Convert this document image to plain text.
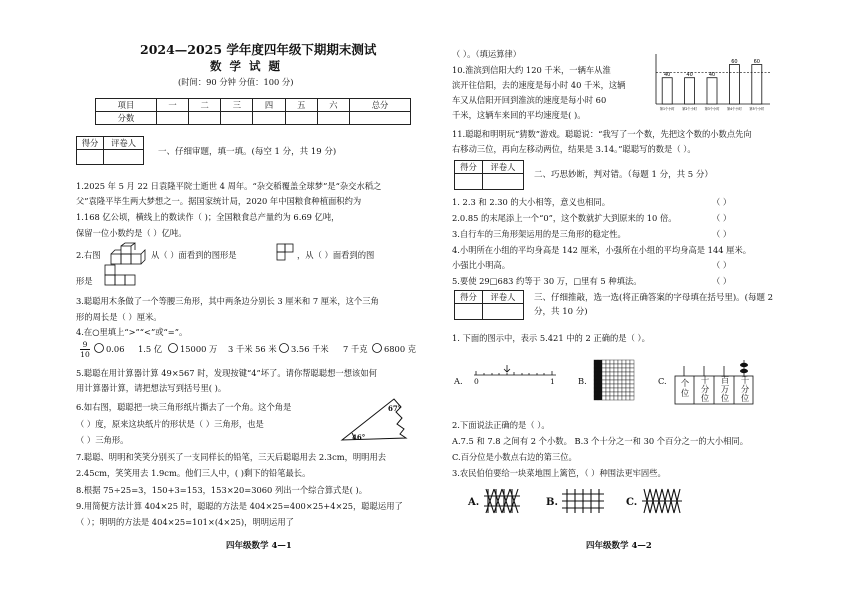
2024—2025 学年度四年级下期期末测试
数 学 试 题
(时间：90 分钟 分值：100 分)
项目	一	二	三	四	五	六	总分
分数							
得分	评卷人

一、仔细审题，填一填。(每空 1 分，共 19 分)
1.2025 年 5 月 22 日袁隆平院士逝世 4 周年。“杂交稻覆盖全球梦”是“杂交水稻之
父”袁隆平毕生两大梦想之一。据国家统计局，2020 年中国粮食种植面积约为
1.168 亿公顷，横线上的数读作（ )；全国粮食总产量约为 6.69 亿吨，
保留一位小数约是（ ）亿吨。
2.右图	从（ ）面看到的图形是	，从（ ）面看到的图
形是
3.聪聪用木条做了一个等腰三角形，其中两条边分别长 3 厘米和 7 厘米，这个三角
形的周长是（ ）厘米。
4.在○里填上“>”“<”或“=”。
9
10
0.06 1.5 亿 15000 万 3 千米 56 米 3.56 千米 7 千克 6800 克
5.聪聪在用计算器计算 49×567 时，发现按键“4”坏了。请你帮聪聪想一想该如何
用计算器计算，请把想法写到括号里( )。
6.如右图，聪聪把一块三角形纸片撕去了一个角。这个角是
（ ）度，原来这块纸片的形状是（ ）三角形，也是
（ ）三角形。
67°
46°
7.聪聪、明明和笑笑分别买了一支同样长的铅笔，三天后聪聪用去 2.3cm，明明用去
2.45cm，笑笑用去 1.9cm。他们三人中，( )剩下的铅笔最长。
8.根据 75÷25=3，150+3=153，153×20=3060 列出一个综合算式是( )。
9.用简便方法计算 404×25 时，聪聪的方法是 404×25=400×25+4×25，聪聪运用了
（ ）；明明的方法是 404×25=101×(4×25)，明明运用了
四年级数学 4—1
（ ）。（填运算律）
10.淮滨到信阳大约 120 千米，一辆车从淮
滨开往信阳，去的速度是每小时 40 千米，这辆
车又从信阳开回到淮滨的速度是每小时 60
千米，这辆车来回的平均速度是( )。
40
第1个小时
40
第2个小时
40
第3个小时
60
第4个小时
60
第5个小时
11.聪聪和明明玩“猜数”游戏。聪聪说：“我写了一个数，先把这个数的小数点先向
右移动三位，再向左移动两位，结果是 3.14。”聪聪写的数是（ ）。
得分	评卷人

二、巧思妙断，判对错。（每题 1 分，共 5 分）
1. 2.3 和 2.30 的大小相等，意义也相同。
2.0.85 的末尾添上一个“0”，这个数就扩大到原来的 10 倍。
3.自行车的三角形架运用的是三角形的稳定性。
4.小明所在小组的平均身高是 142 厘米，小强所在小组的平均身高是 144 厘米。
小强比小明高。
5.要使 29□683 约等于 30 万，□里有 5 种填法。
（ ）
（ ）
（ ）
（ ）
（ ）
得分	评卷人
	三、仔细推敲，选一选(将正确答案的字母填在括号里)。(每题 2
分，共 10 分)
1. 下面的图示中，表示 5.421 中的 2 正确的是（ ）。
A. 0	1	B.	C.	个
位
十
分
位
百
万
位
千
分
位
2.下面说法正确的是（ ）。
A.7.5 和 7.8 之间有 2 个小数。 B.3 个十分之一和 30 个百分之一的大小相同。
C.百分位是小数点右边的第三位。
3.农民伯伯要给一块菜地围上篱笆，（ ）种围法更牢固些。
A.	B.	C.
四年级数学 4—2
